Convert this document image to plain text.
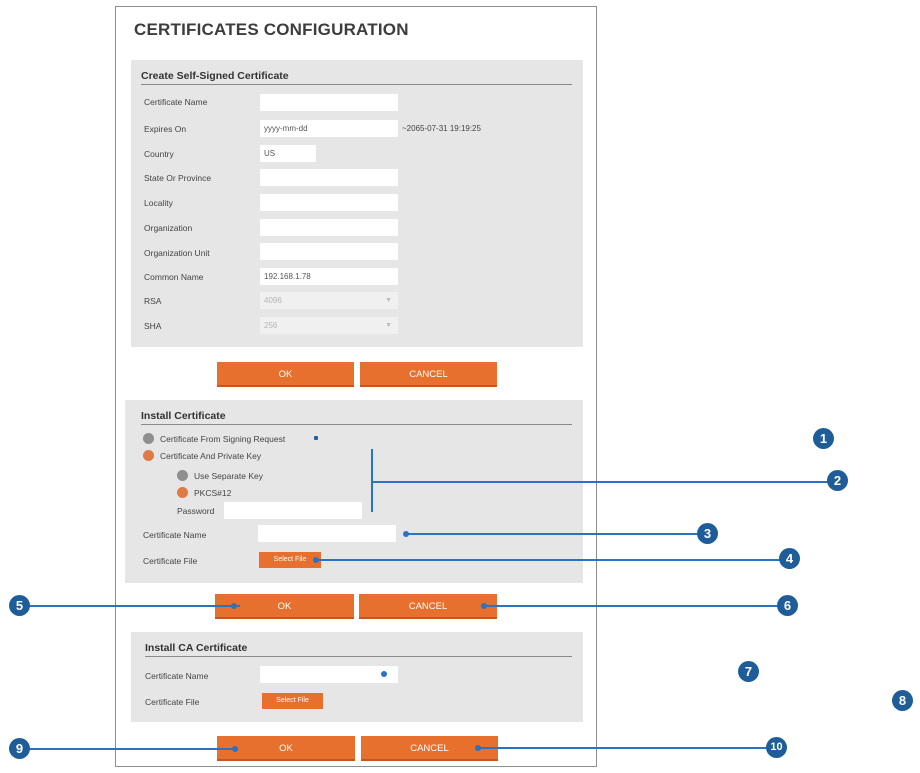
CERTIFICATES CONFIGURATION
Create Self-Signed Certificate
Certificate Name
Expires On	yyyy-mm-dd	~2065-07-31 19:19:25
Country	US
State Or Province
Locality
Organization
Organization Unit
Common Name	192.168.1.78
RSA	4096	▼
SHA	256	▼
OK	CANCEL
Install Certificate
Certificate From Signing Request
Certificate And Private Key
Use Separate Key
PKCS#12
Password
Certificate Name
Certificate File	Select File
OK	CANCEL
Install CA Certificate
Certificate Name
Certificate File	Select File
OK	CANCEL
1
2
3
4
5	6
7
8
9	10
